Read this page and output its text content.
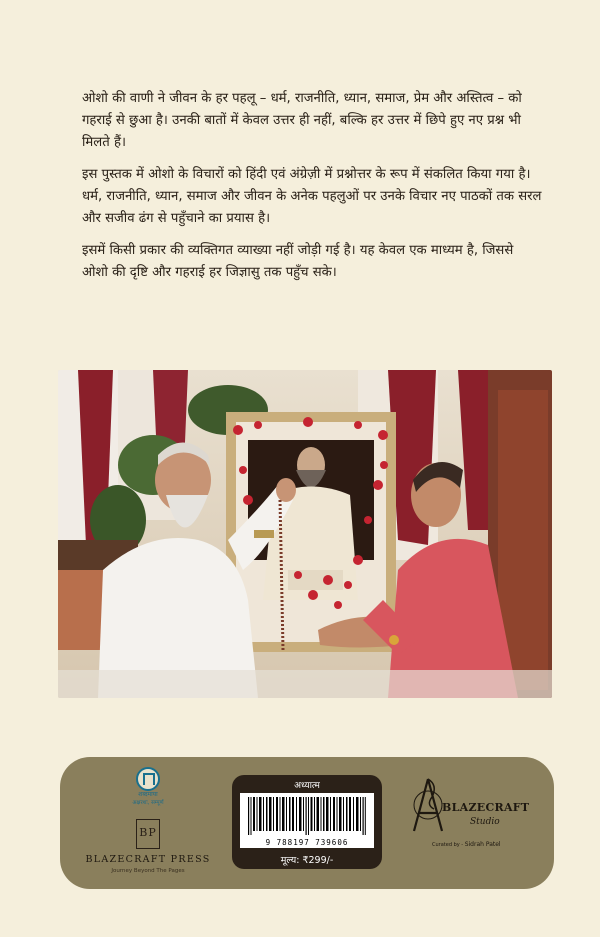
ओशो की वाणी ने जीवन के हर पहलू – धर्म, राजनीति, ध्यान, समाज, प्रेम और अस्तित्व – को गहराई से छुआ है। उनकी बातों में केवल उत्तर ही नहीं, बल्कि हर उत्तर में छिपे हुए नए प्रश्न भी मिलते हैं।

इस पुस्तक में ओशो के विचारों को हिंदी एवं अंग्रेज़ी में प्रश्नोत्तर के रूप में संकलित किया गया है। धर्म, राजनीति, ध्यान, समाज और जीवन के अनेक पहलुओं पर उनके विचार नए पाठकों तक सरल और सजीव ढंग से पहुँचाने का प्रयास है।

इसमें किसी प्रकार की व्यक्तिगत व्याख्या नहीं जोड़ी गई है। यह केवल एक माध्यम है, जिससे ओशो की दृष्टि और गहराई हर जिज्ञासु तक पहुँच सके।

शब्दमाया
अक्षरशः, सम्पूर्ण
BP
BLAZECRAFT PRESS
Journey Beyond The Pages
अध्यात्म
9 788197 739606
मूल्य: ₹299/-
BLAZECRAFT
Studio
Curated by - Sidrah Patel
